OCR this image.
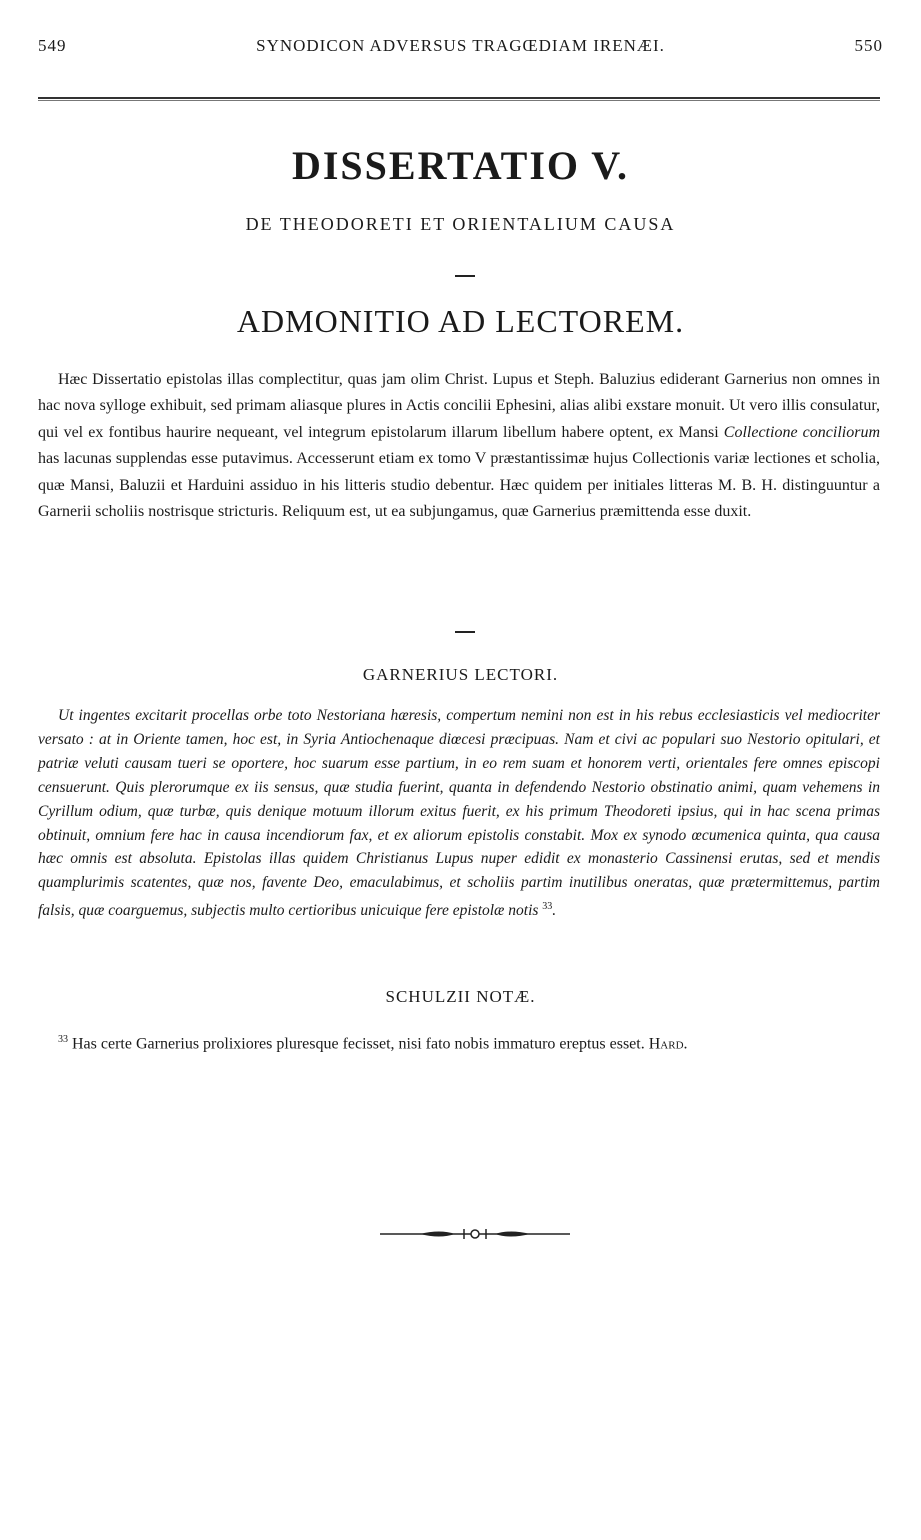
549	SYNODICON ADVERSUS TRAGŒDIAM IRENÆI.	550
DISSERTATIO V.
DE THEODORETI ET ORIENTALIUM CAUSA
ADMONITIO AD LECTOREM.

Hæc Dissertatio epistolas illas complectitur, quas jam olim Christ. Lupus et Steph. Baluzius ediderant Garnerius non omnes in hac nova sylloge exhibuit, sed primam aliasque plures in Actis concilii Ephesini, alias alibi exstare monuit. Ut vero illis consulatur, qui vel ex fontibus haurire nequeant, vel integrum epistolarum illarum libellum habere optent, ex Mansi Collectione conciliorum has lacunas supplendas esse putavimus. Accesserunt etiam ex tomo V præstantissimæ hujus Collectionis variæ lectiones et scholia, quæ Mansi, Baluzii et Harduini assiduo in his litteris studio debentur. Hæc quidem per initiales litteras M. B. H. distinguuntur a Garnerii scholiis nostrisque stricturis. Reliquum est, ut ea subjungamus, quæ Garnerius præmittenda esse duxit.

GARNERIUS LECTORI.

Ut ingentes excitarit procellas orbe toto Nestoriana hæresis, compertum nemini non est in his rebus ecclesiasticis vel mediocriter versato : at in Oriente tamen, hoc est, in Syria Antiochenaque diœcesi præcipuas. Nam et civi ac populari suo Nestorio opitulari, et patriæ veluti causam tueri se oportere, hoc suarum esse partium, in eo rem suam et honorem verti, orientales fere omnes episcopi censuerunt. Quis plerorumque ex iis sensus, quæ studia fuerint, quanta in defendendo Nestorio obstinatio animi, quam vehemens in Cyrillum odium, quæ turbæ, quis denique motuum illorum exitus fuerit, ex his primum Theodoreti ipsius, qui in hac scena primas obtinuit, omnium fere hac in causa incendiorum fax, et ex aliorum epistolis constabit. Mox ex synodo œcumenica quinta, qua causa hæc omnis est absoluta. Epistolas illas quidem Christianus Lupus nuper edidit ex monasterio Cassinensi erutas, sed et mendis quamplurimis scatentes, quæ nos, favente Deo, emaculabimus, et scholiis partim inutilibus oneratas, quæ prætermittemus, partim falsis, quæ coarguemus, subjectis multo certioribus unicuique fere epistolæ notis $^{33}$.

SCHULZII NOTÆ.

$^{33}$ Has certe Garnerius prolixiores pluresque fecisset, nisi fato nobis immaturo ereptus esset. Hard.
